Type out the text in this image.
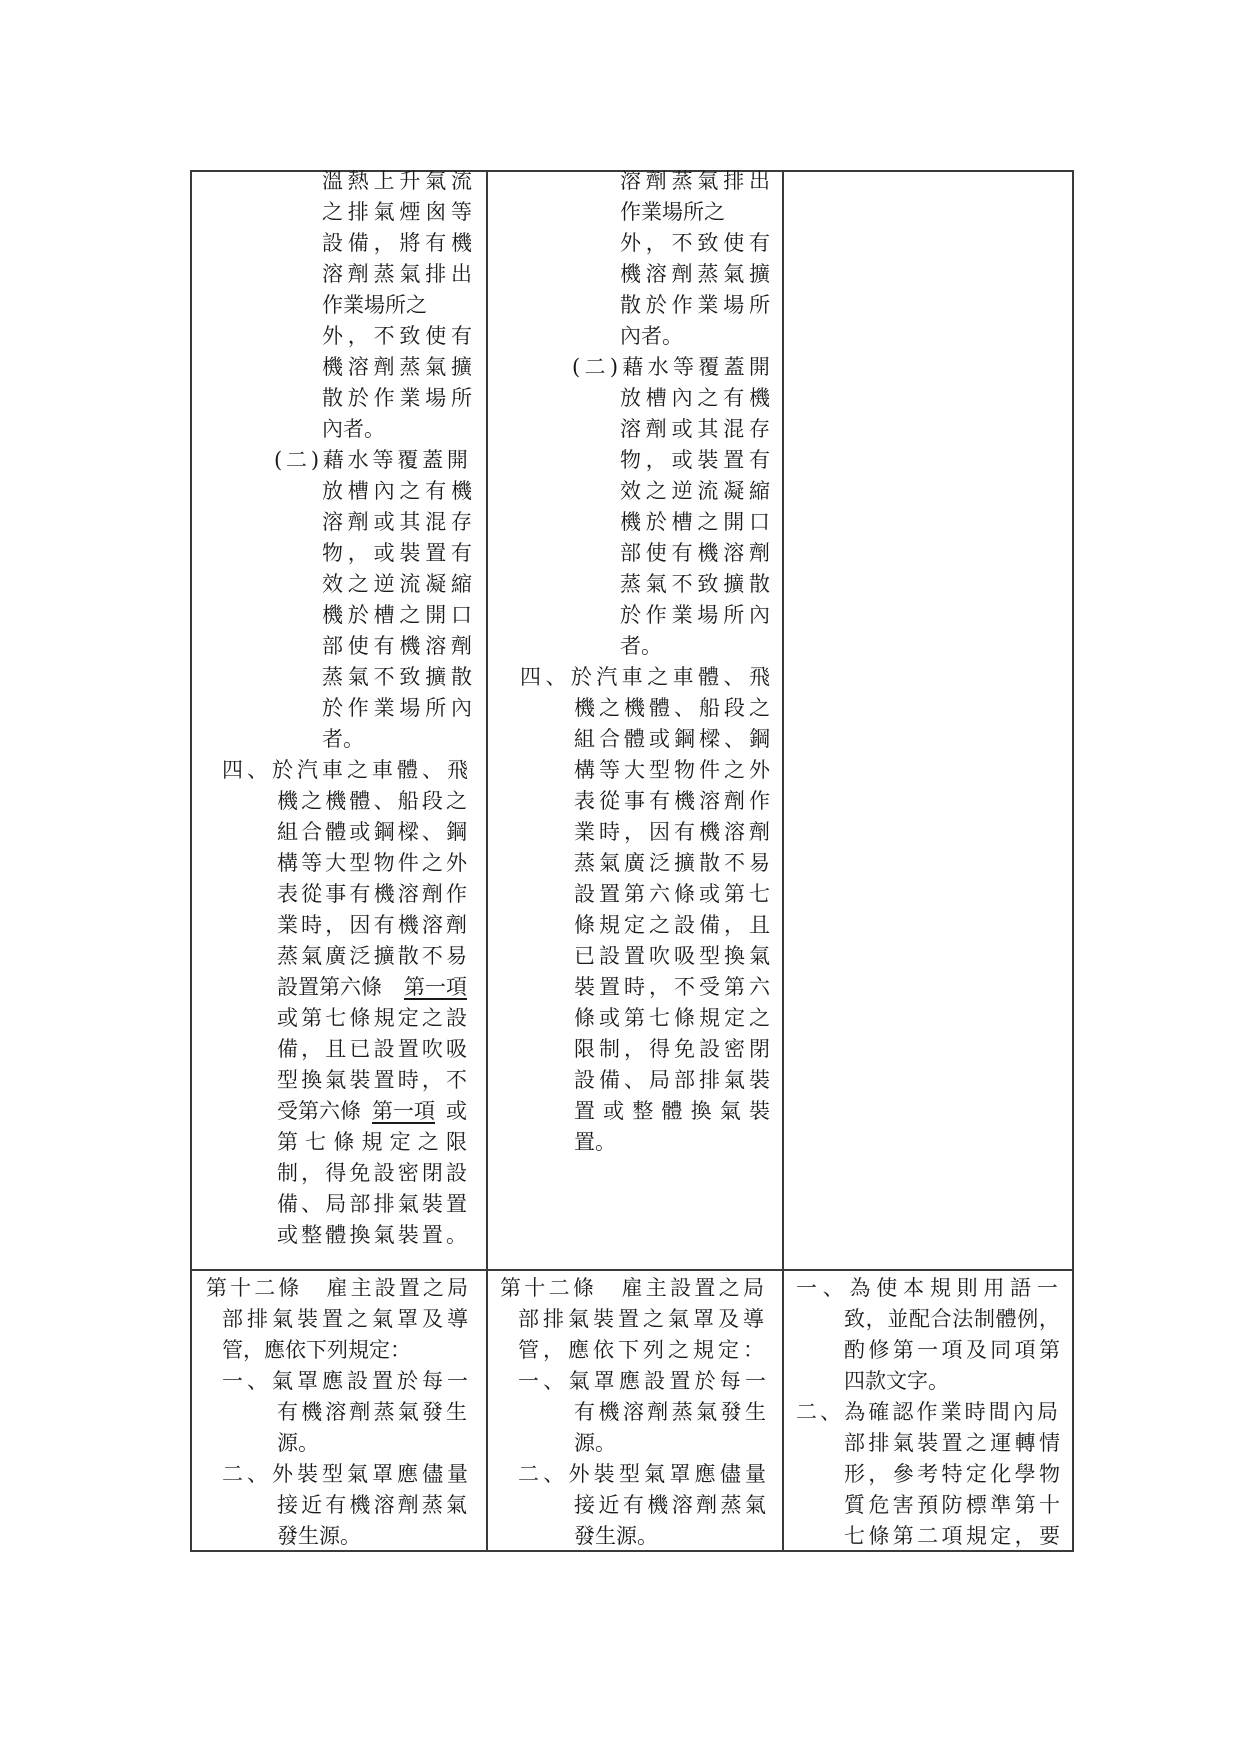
溫 熱 上 升 氣 流
之 排 氣 煙 囪 等
設 備 ， 將 有 機
溶 劑 蒸 氣 排 出
作業場所之
外 ， 不 致 使 有
機 溶 劑 蒸 氣 擴
散 於 作 業 場 所
內者。
( 二 ) 藉 水 等 覆 蓋 開
放 槽 內 之 有 機
溶 劑 或 其 混 存
物 ， 或 裝 置 有
效 之 逆 流 凝 縮
機 於 槽 之 開 口
部 使 有 機 溶 劑
蒸 氣 不 致 擴 散
於 作 業 場 所 內
者。
四 、 於 汽 車 之 車 體 、 飛
機 之 機 體 、 船 段 之
組 合 體 或 鋼 樑 、 鋼
構 等 大 型 物 件 之 外
表 從 事 有 機 溶 劑 作
業 時 ， 因 有 機 溶 劑
蒸 氣 廣 泛 擴 散 不 易
設置第六條 第一項
或 第 七 條 規 定 之 設
備 ， 且 已 設 置 吹 吸
型 換 氣 裝 置 時 ， 不
受第六條 第一項 或
第 七 條 規 定 之 限
制 ， 得 免 設 密 閉 設
備 、 局 部 排 氣 裝 置
或 整 體 換 氣 裝 置 。
溶 劑 蒸 氣 排 出
作業場所之
外 ， 不 致 使 有
機 溶 劑 蒸 氣 擴
散 於 作 業 場 所
內者。
( 二 ) 藉 水 等 覆 蓋 開
放 槽 內 之 有 機
溶 劑 或 其 混 存
物 ， 或 裝 置 有
效 之 逆 流 凝 縮
機 於 槽 之 開 口
部 使 有 機 溶 劑
蒸 氣 不 致 擴 散
於 作 業 場 所 內
者。
四 、 於 汽 車 之 車 體 、 飛
機 之 機 體 、 船 段 之
組 合 體 或 鋼 樑 、 鋼
構 等 大 型 物 件 之 外
表 從 事 有 機 溶 劑 作
業 時 ， 因 有 機 溶 劑
蒸 氣 廣 泛 擴 散 不 易
設 置 第 六 條 或 第 七
條 規 定 之 設 備 ， 且
已 設 置 吹 吸 型 換 氣
裝 置 時 ， 不 受 第 六
條 或 第 七 條 規 定 之
限 制 ， 得 免 設 密 閉
設 備 、 局 部 排 氣 裝
置 或 整 體 換 氣 裝
置。
第 十 二 條
　 雇 主 設 置 之 局
部 排 氣 裝 置 之 氣 罩 及 導
管，應依下列規定：
一 、 氣 罩 應 設 置 於 每 一
有 機 溶 劑 蒸 氣 發 生
源。
二 、 外 裝 型 氣 罩 應 儘 量
接 近 有 機 溶 劑 蒸 氣
發生源。
第 十 二 條
　 雇 主 設 置 之 局
部 排 氣 裝 置 之 氣 罩 及 導
管 ， 應 依 下 列 之 規 定 ：
一 、 氣 罩 應 設 置 於 每 一
有 機 溶 劑 蒸 氣 發 生
源。
二 、 外 裝 型 氣 罩 應 儘 量
接 近 有 機 溶 劑 蒸 氣
發生源。
一 、 為 使 本 規 則 用 語 一
致 ， 並 配 合 法 制 體 例 ，
酌 修 第 一 項 及 同 項 第
四款文字。
二 、 為 確 認 作 業 時 間 內 局
部 排 氣 裝 置 之 運 轉 情
形 ， 參 考 特 定 化 學 物
質 危 害 預 防 標 準 第 十
七 條 第 二 項 規 定 ， 要
